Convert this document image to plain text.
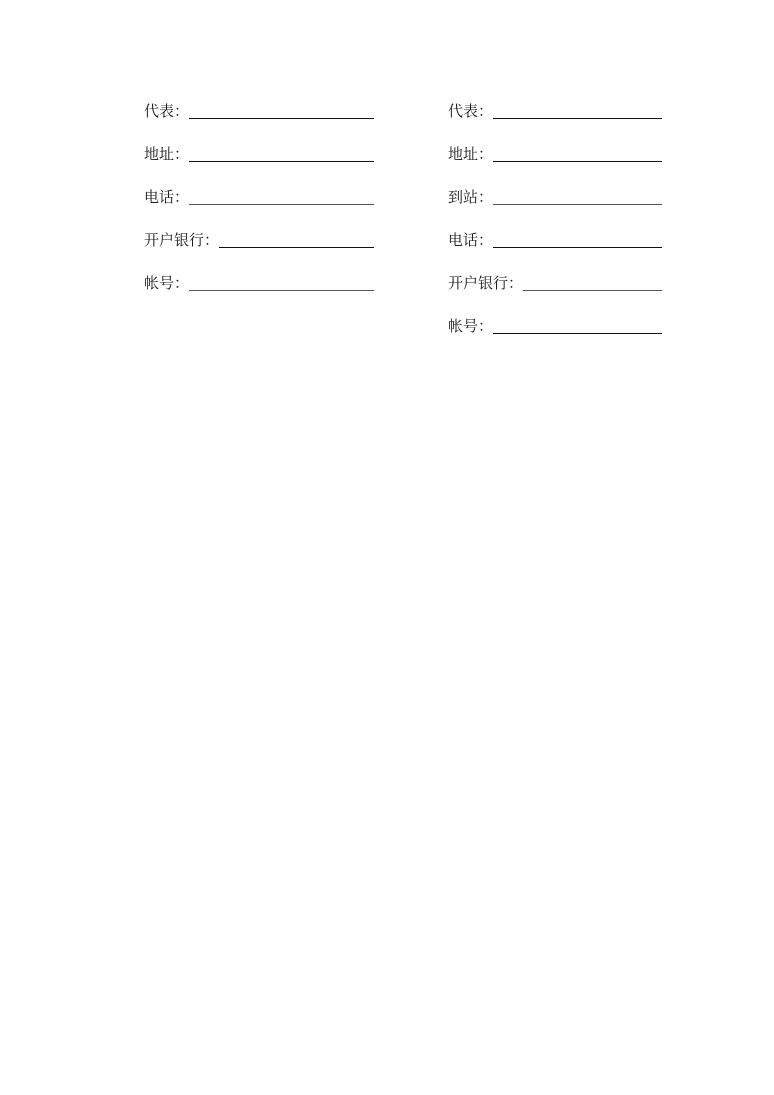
代表：
地址：
电话：
开户银行：
帐号：
代表：
地址：
到站：
电话：
开户银行：
帐号：
